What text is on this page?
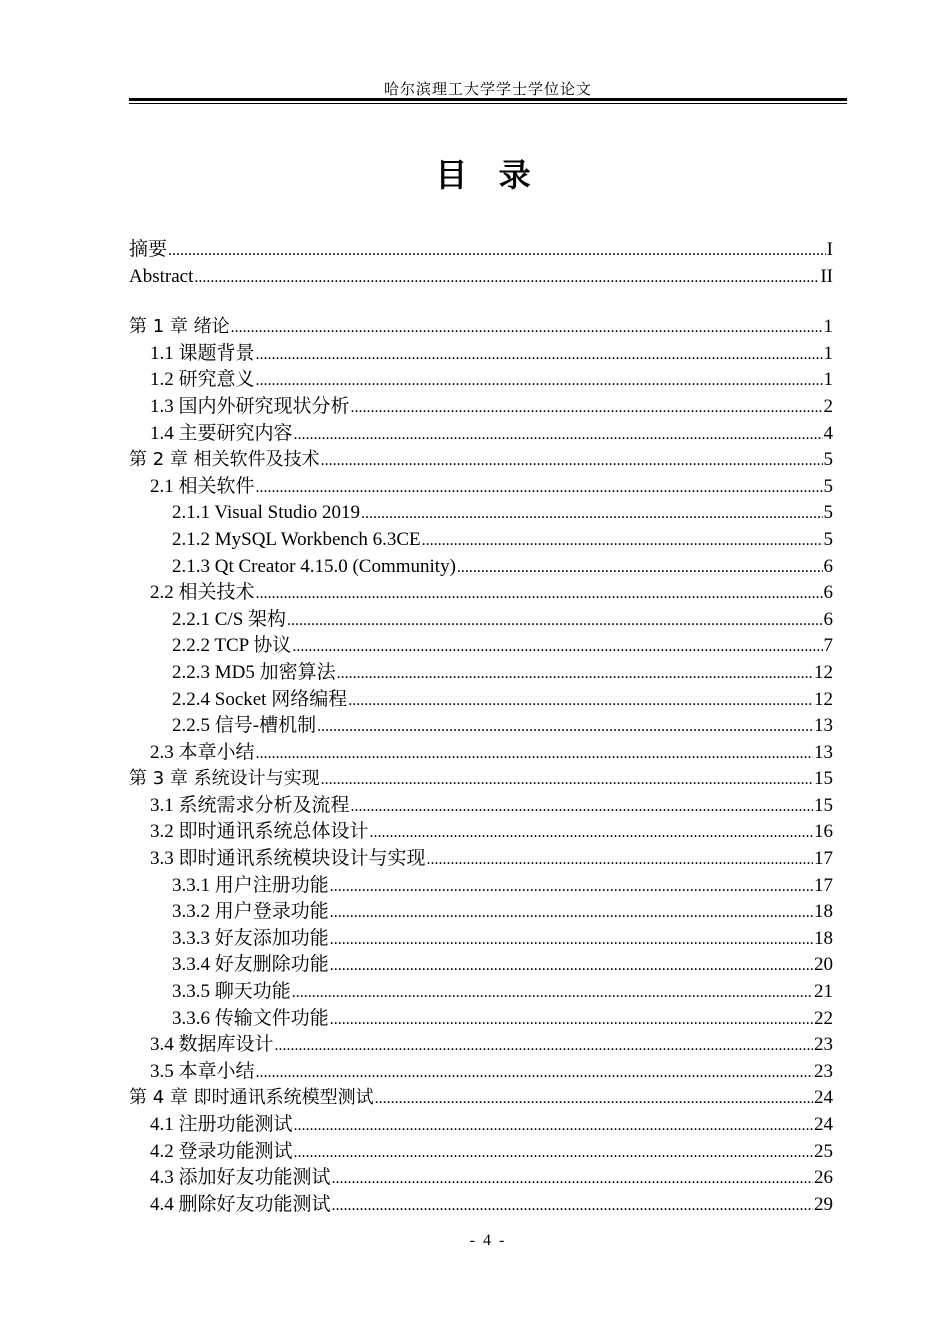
哈尔滨理工大学学士学位论文
目 录
摘要 .....	I
Abstract .....	II
第 1 章 绪论 .....	1
1.1 课题背景 .....	1
1.2 研究意义 .....	1
1.3 国内外研究现状分析 .....	2
1.4 主要研究内容 .....	4
第 2 章 相关软件及技术 .....	5
2.1 相关软件 .....	5
2.1.1 Visual Studio 2019 .....	5
2.1.2 MySQL Workbench 6.3CE .....	5
2.1.3 Qt Creator 4.15.0 (Community) .....	6
2.2 相关技术 .....	6
2.2.1 C/S 架构 .....	6
2.2.2 TCP 协议 .....	7
2.2.3 MD5 加密算法 .....	12
2.2.4 Socket 网络编程 .....	12
2.2.5 信号-槽机制 .....	13
2.3 本章小结 .....	13
第 3 章 系统设计与实现 .....	15
3.1 系统需求分析及流程 .....	15
3.2 即时通讯系统总体设计 .....	16
3.3 即时通讯系统模块设计与实现 .....	17
3.3.1 用户注册功能 .....	17
3.3.2 用户登录功能 .....	18
3.3.3 好友添加功能 .....	18
3.3.4 好友删除功能 .....	20
3.3.5 聊天功能 .....	21
3.3.6 传输文件功能 .....	22
3.4 数据库设计 .....	23
3.5 本章小结 .....	23
第 4 章 即时通讯系统模型测试 .....	24
4.1 注册功能测试 .....	24
4.2 登录功能测试 .....	25
4.3 添加好友功能测试 .....	26
4.4 删除好友功能测试 .....	29
- 4 -
